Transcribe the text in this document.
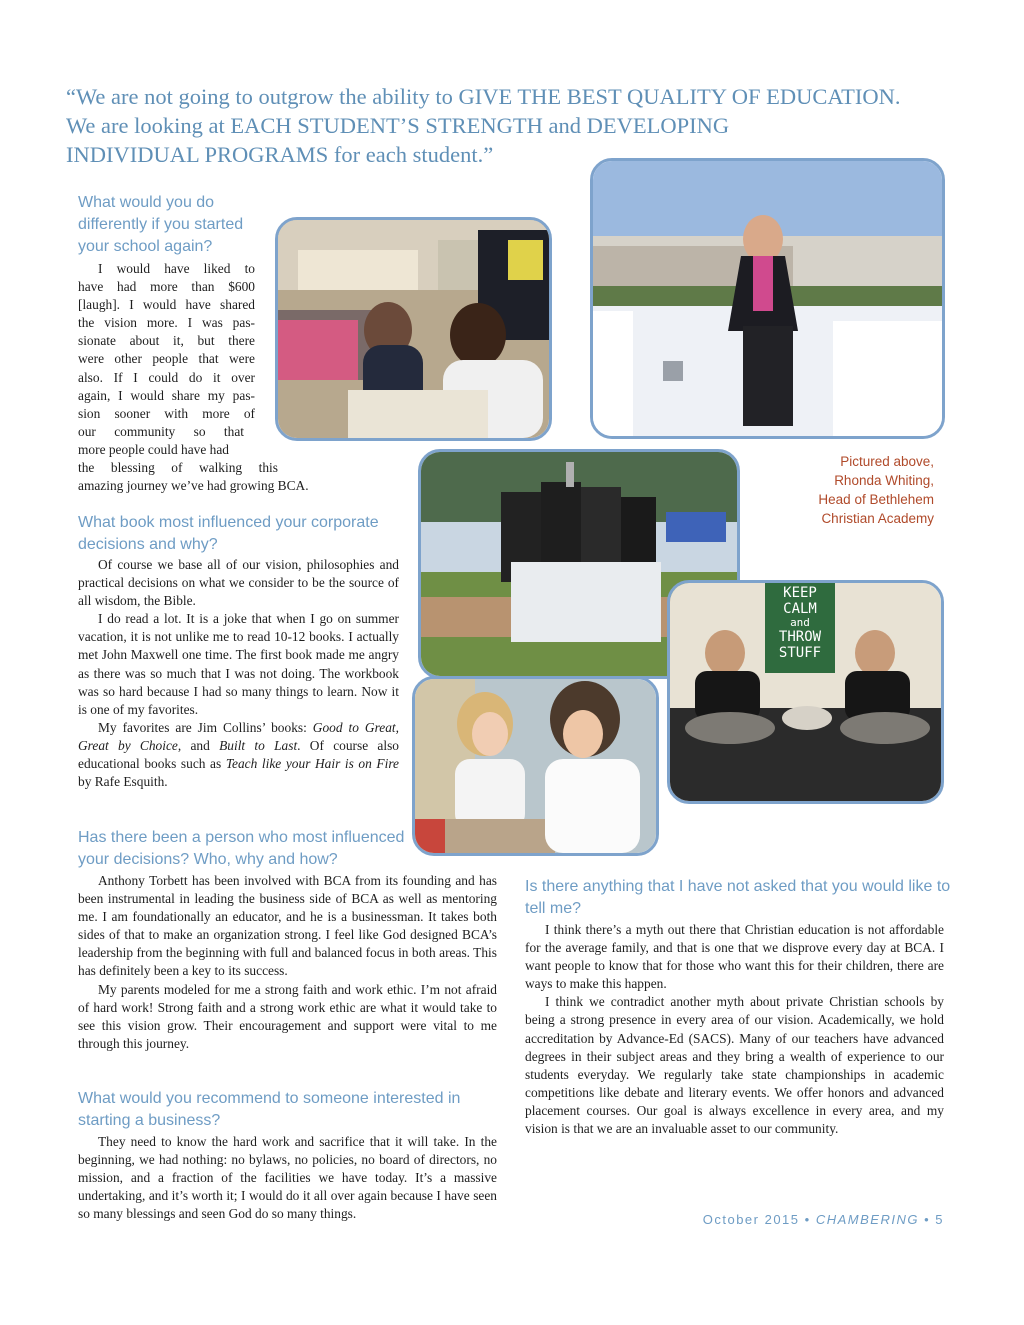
“We are not going to outgrow the ability to GIVE THE BEST QUALITY OF EDUCATION.
We are looking at EACH STUDENT’S STRENGTH and DEVELOPING
INDIVIDUAL PROGRAMS for each student.”
What would you do
differently if you started
your school again?
I would have liked to
have had more than $600
[laugh]. I would have shared
the vision more. I was pas-
sionate about it, but there
were other people that were
also. If I could do it over
again, I would share my pas-
sion sooner with more of
our community so that
more people could have had
the blessing of walking this
amazing journey we’ve had growing BCA.
What book most influenced your corporate
decisions and why?

Of course we base all of our vision, philosophies and practical decisions on what we consider to be the source of all wisdom, the Bible.

I do read a lot. It is a joke that when I go on summer vacation, it is not unlike me to read 10-12 books. I actually met John Maxwell one time. The first book made me angry as there was so much that I was not doing. The workbook was so hard because I had so many things to learn. Now it is one of my favorites.

My favorites are Jim Collins’ books: Good to Great, Great by Choice, and Built to Last. Of course also educational books such as Teach like your Hair is on Fire by Rafe Esquith.

Has there been a person who most influenced
your decisions? Who, why and how?

Anthony Torbett has been involved with BCA from its founding and has been instrumental in leading the business side of BCA as well as mentoring me. I am foundationally an educator, and he is a businessman. It takes both sides of that to make an organization strong. I feel like God designed BCA’s leadership from the beginning with full and balanced focus in both areas. This has definitely been a key to its success.

My parents modeled for me a strong faith and work ethic. I’m not afraid of hard work! Strong faith and a strong work ethic are what it would take to see this vision grow. Their encouragement and support were vital to me through this journey.

What would you recommend to someone interested in
starting a business?

They need to know the hard work and sacrifice that it will take. In the beginning, we had nothing: no bylaws, no policies, no board of directors, no mission, and a fraction of the facilities we have today. It’s a massive undertaking, and it’s worth it; I would do it all over again because I have seen so many blessings and seen God do so many things.

Is there anything that I have not asked that you would like to
tell me?

I think there’s a myth out there that Christian education is not affordable for the average family, and that is one that we disprove every day at BCA. I want people to know that for those who want this for their children, there are ways to make this happen.

I think we contradict another myth about private Christian schools by being a strong presence in every area of our vision. Academically, we hold accreditation by Advance-Ed (SACS). Many of our teachers have advanced degrees in their subject areas and they bring a wealth of experience to our students everyday. We regularly take state championships in academic competitions like debate and literary events. We offer honors and advanced placement courses. Our goal is always excellence in every area, and my vision is that we are an invaluable asset to our community.

Pictured above,
Rhonda Whiting,
Head of Bethlehem
Christian Academy
October 2015 • CHAMBERING • 5
KEEP
CALM
and
THROW
STUFF
